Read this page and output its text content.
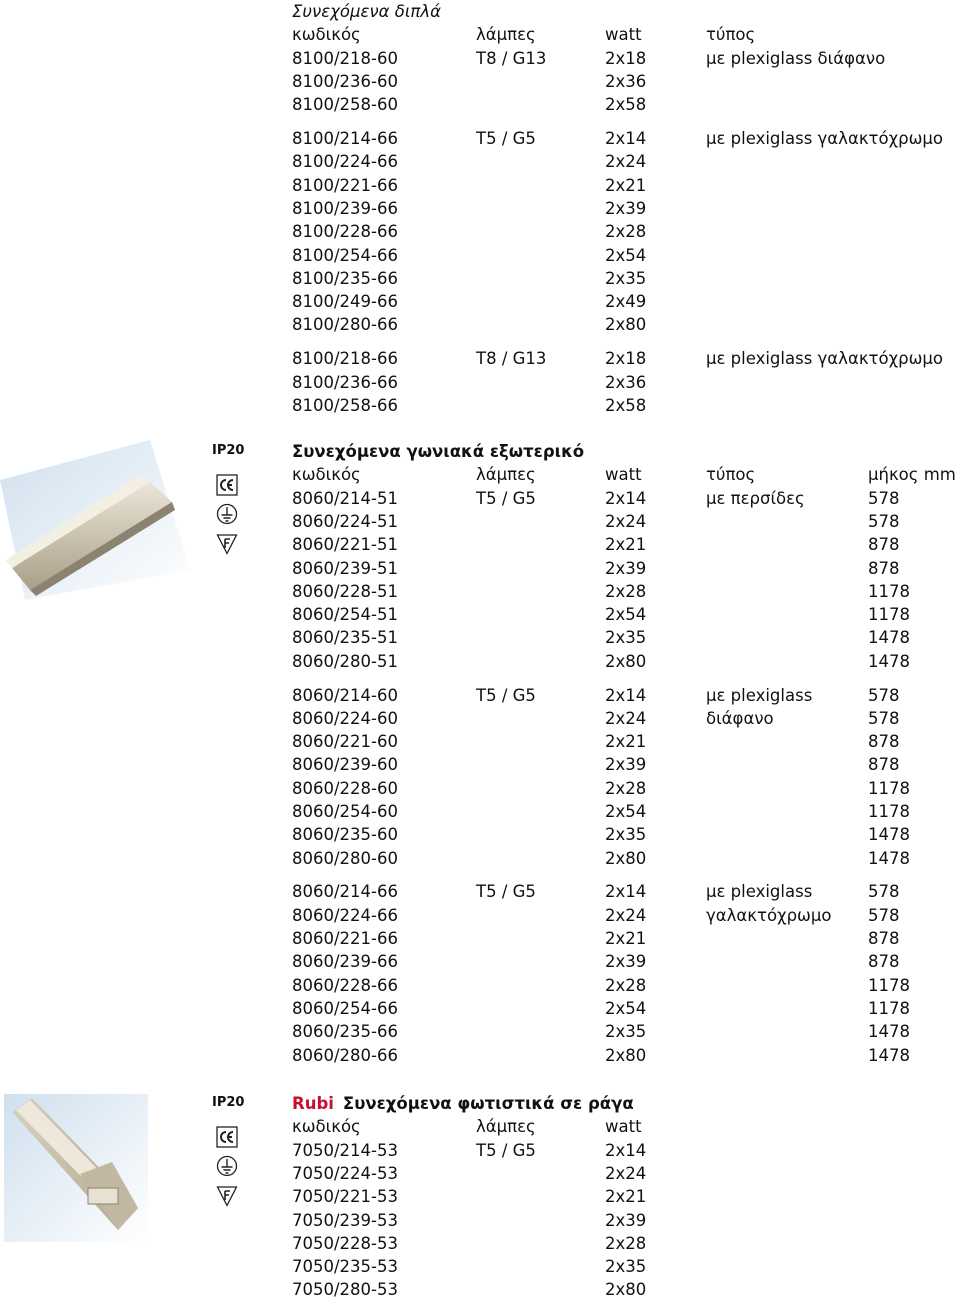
IP20
IP20
Συνεχόμενα διπλά
κωδικός	λάμπες	watt	τύπος
8100/218-60	T8 / G13	2x18	με plexiglass διάφανο
8100/236-60	2x36
8100/258-60	2x58
8100/214-66	T5 / G5	2x14	με plexiglass γαλακτόχρωμο
8100/224-66	2x24
8100/221-66	2x21
8100/239-66	2x39
8100/228-66	2x28
8100/254-66	2x54
8100/235-66	2x35
8100/249-66	2x49
8100/280-66	2x80
8100/218-66	T8 / G13	2x18	με plexiglass γαλακτόχρωμο
8100/236-66	2x36
8100/258-66	2x58
Συνεχόμενα γωνιακά εξωτερικό
κωδικός	λάμπες	watt	τύπος	μήκος mm
8060/214-51	T5 / G5	2x14	με περσίδες	578
8060/224-51	2x24	578
8060/221-51	2x21	878
8060/239-51	2x39	878
8060/228-51	2x28	1178
8060/254-51	2x54	1178
8060/235-51	2x35	1478
8060/280-51	2x80	1478
8060/214-60	T5 / G5	2x14	με plexiglass	578
8060/224-60	2x24	διάφανο	578
8060/221-60	2x21	878
8060/239-60	2x39	878
8060/228-60	2x28	1178
8060/254-60	2x54	1178
8060/235-60	2x35	1478
8060/280-60	2x80	1478
8060/214-66	T5 / G5	2x14	με plexiglass	578
8060/224-66	2x24	γαλακτόχρωμο 578
8060/221-66	2x21	878
8060/239-66	2x39	878
8060/228-66	2x28	1178
8060/254-66	2x54	1178
8060/235-66	2x35	1478
8060/280-66	2x80	1478
Rubi Συνεχόμενα φωτιστικά σε ράγα
κωδικός	λάμπες	watt
7050/214-53	T5 / G5	2x14
7050/224-53	2x24
7050/221-53	2x21
7050/239-53	2x39
7050/228-53	2x28
7050/235-53	2x35
7050/280-53	2x80
